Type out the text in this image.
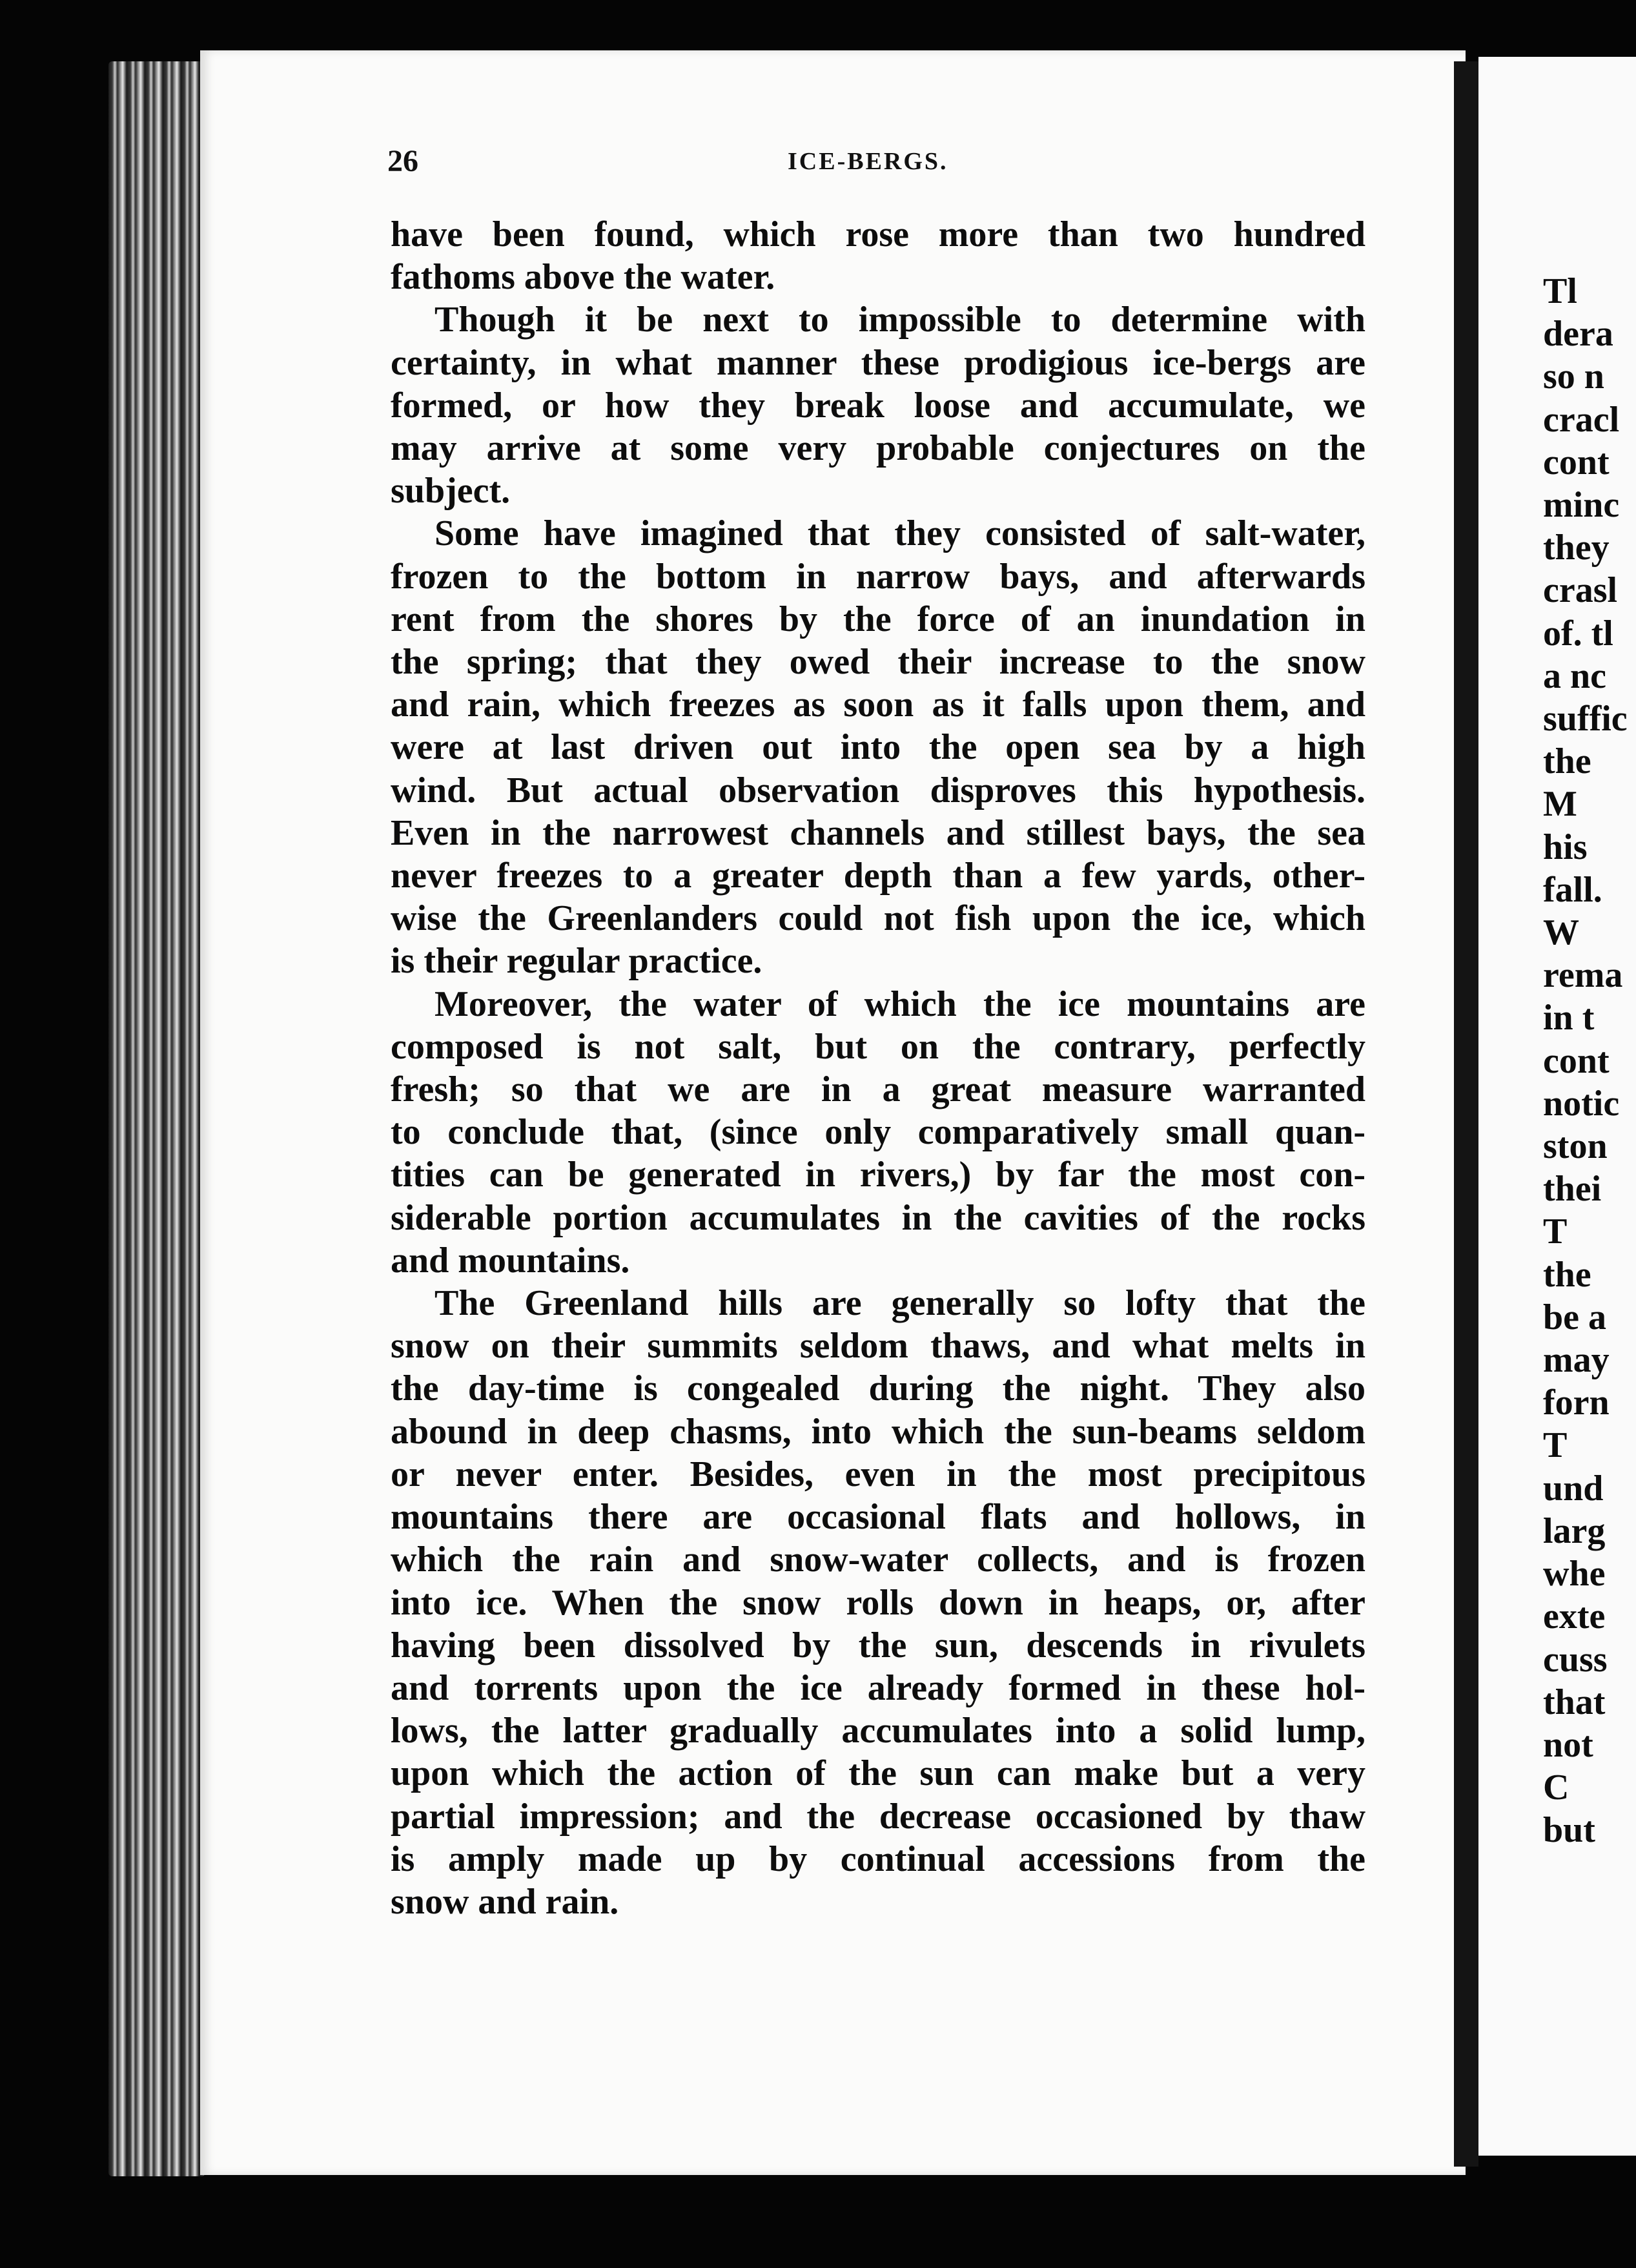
Tl
dera
so n
cracl
cont
minc
they
crasl
of. tl
a nc
suffic
the
M
his
fall.
W
rema
in t
cont
notic
ston
thei
T
the
be a
may
forn
T
und
larg
whe
exte
cuss
that
not
C
but
26	ICE-BERGS.
have been found, which rose more than two hundred
fathoms above the water.
Though it be next to impossible to determine with
certainty, in what manner these prodigious ice-bergs are
formed, or how they break loose and accumulate, we
may arrive at some very probable conjectures on the
subject.
Some have imagined that they consisted of salt-water,
frozen to the bottom in narrow bays, and afterwards
rent from the shores by the force of an inundation in
the spring; that they owed their increase to the snow
and rain, which freezes as soon as it falls upon them, and
were at last driven out into the open sea by a high
wind. But actual observation disproves this hypothesis.
Even in the narrowest channels and stillest bays, the sea
never freezes to a greater depth than a few yards, other-
wise the Greenlanders could not fish upon the ice, which
is their regular practice.
Moreover, the water of which the ice mountains are
composed is not salt, but on the contrary, perfectly
fresh; so that we are in a great measure warranted
to conclude that, (since only comparatively small quan-
tities can be generated in rivers,) by far the most con-
siderable portion accumulates in the cavities of the rocks
and mountains.
The Greenland hills are generally so lofty that the
snow on their summits seldom thaws, and what melts in
the day-time is congealed during the night. They also
abound in deep chasms, into which the sun-beams seldom
or never enter. Besides, even in the most precipitous
mountains there are occasional flats and hollows, in
which the rain and snow-water collects, and is frozen
into ice. When the snow rolls down in heaps, or, after
having been dissolved by the sun, descends in rivulets
and torrents upon the ice already formed in these hol-
lows, the latter gradually accumulates into a solid lump,
upon which the action of the sun can make but a very
partial impression; and the decrease occasioned by thaw
is amply made up by continual accessions from the
snow and rain.
